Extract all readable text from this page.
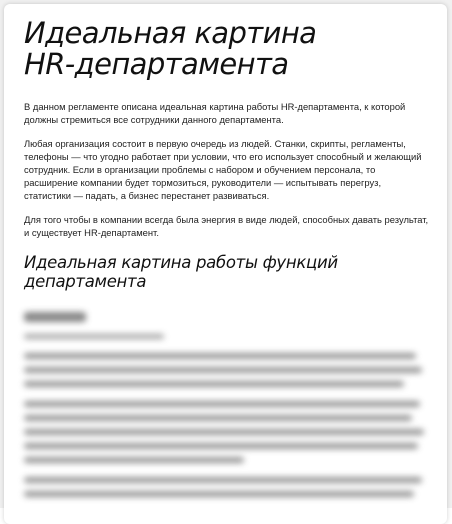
Идеальная картина
HR-департамента

В данном регламенте описана идеальная картина работы HR-департамента, к которой должны стремиться все сотрудники данного департамента.

Любая организация состоит в первую очередь из людей. Станки, скрипты, регламенты, телефоны — что угодно работает при условии, что его использует способный и желающий сотрудник. Если в организации проблемы с набором и обучением персонала, то расширение компании будет тормозиться, руководители — испытывать перегруз, статистики — падать, а бизнес перестанет развиваться.

Для того чтобы в компании всегда была энергия в виде людей, способных давать результат, и существует HR-департамент.

Идеальная картина работы функций
департамента
